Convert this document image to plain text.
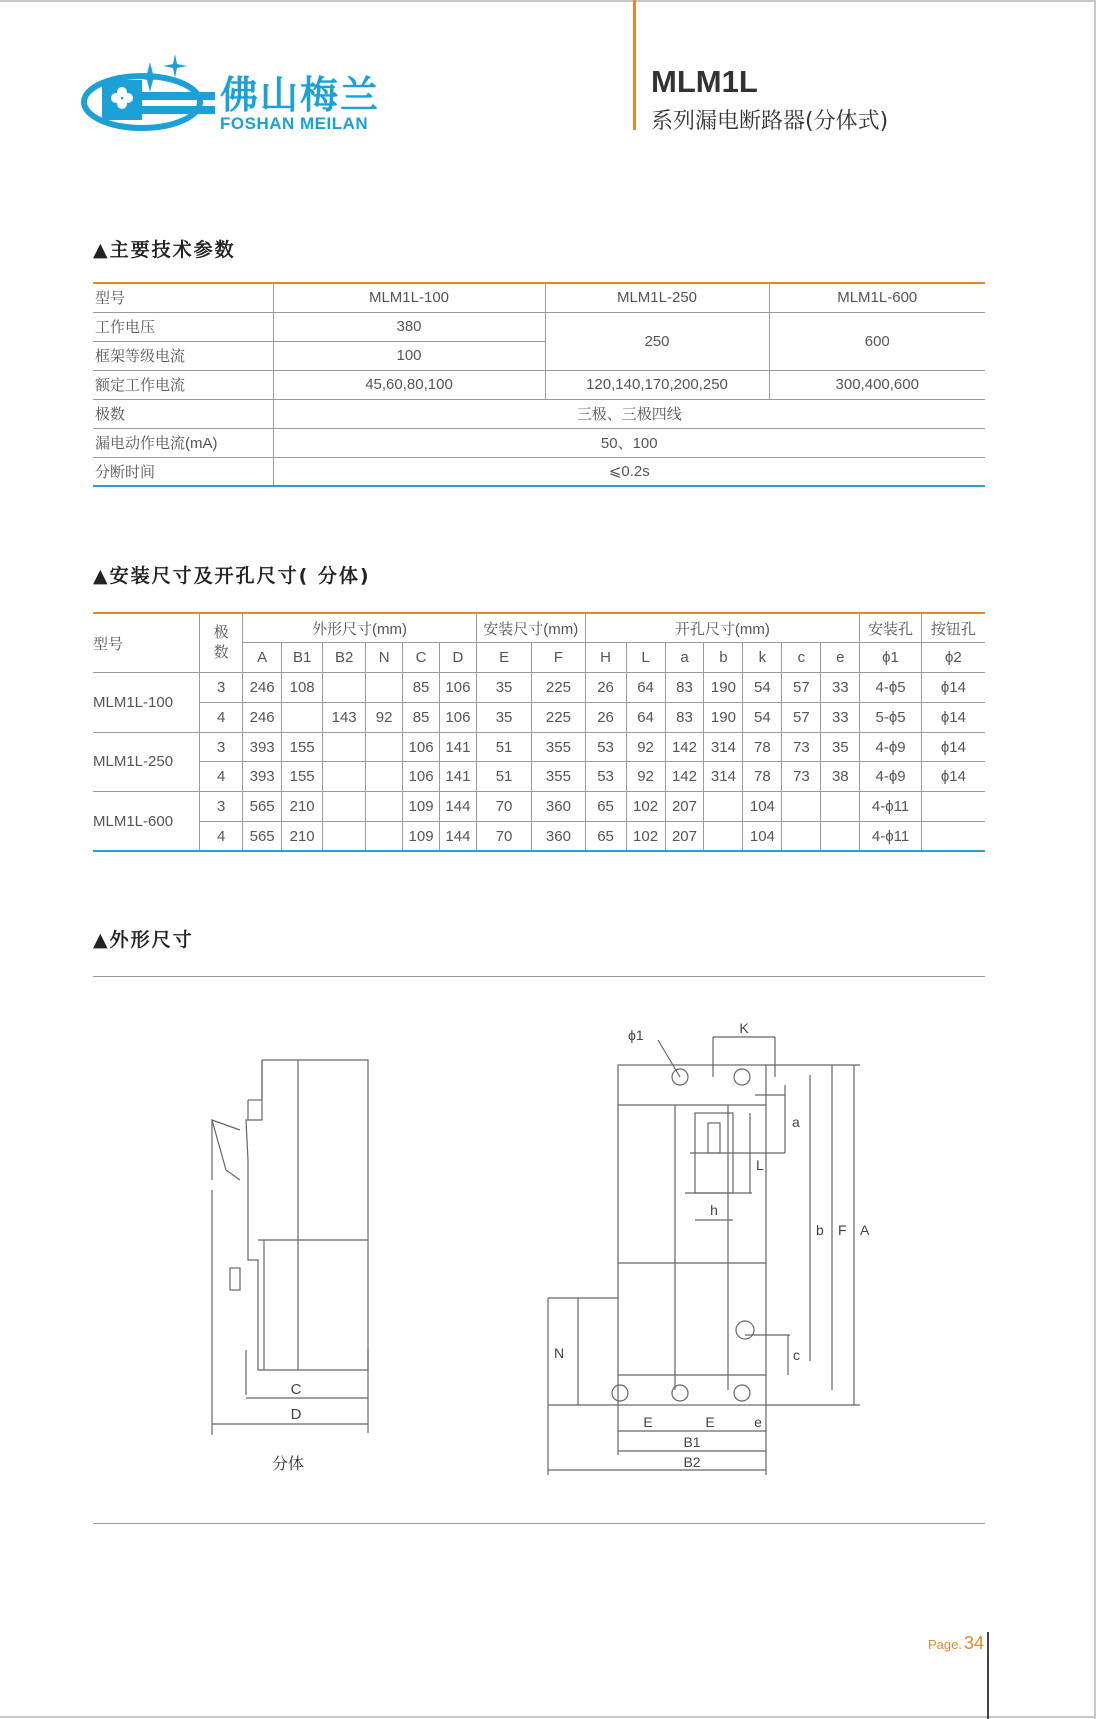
佛山梅兰
FOSHAN MEILAN
MLM1L
系列漏电断路器(分体式)
▲主要技术参数
型号	MLM1L-100	MLM1L-250	MLM1L-600
工作电压	380	250	600
框架等级电流	100		
额定工作电流	45,60,80,100	120,140,170,200,250	300,400,600
极数	三极、三极四线		
漏电动作电流(mA)	50、100		
分断时间	⩽0.2s		
▲安装尺寸及开孔尺寸( 分体)
型号	极
数	外形尺寸(mm)						安装尺寸(mm)		开孔尺寸(mm)							安装孔	按钮孔
		A	B1	B2	N	C	D	E	F	H	L	a	b	k	c	e	ϕ1	ϕ2
MLM1L-100	3	246	108			85	106	35	225	26	64	83	190	54	57	33	4-ϕ5	ϕ14
	4	246		143	92	85	106	35	225	26	64	83	190	54	57	33	5-ϕ5	ϕ14
MLM1L-250	3	393	155			106	141	51	355	53	92	142	314	78	73	35	4-ϕ9	ϕ14
	4	393	155			106	141	51	355	53	92	142	314	78	73	38	4-ϕ9	ϕ14
MLM1L-600	3	565	210			109	144	70	360	65	102	207		104			4-ϕ11	
	4	565	210			109	144	70	360	65	102	207		104			4-ϕ11	
▲外形尺寸
C
D
分体
ϕ1	K
a
L
h
b F A
N	c
E	E	e
B1
B2
Page. 34
